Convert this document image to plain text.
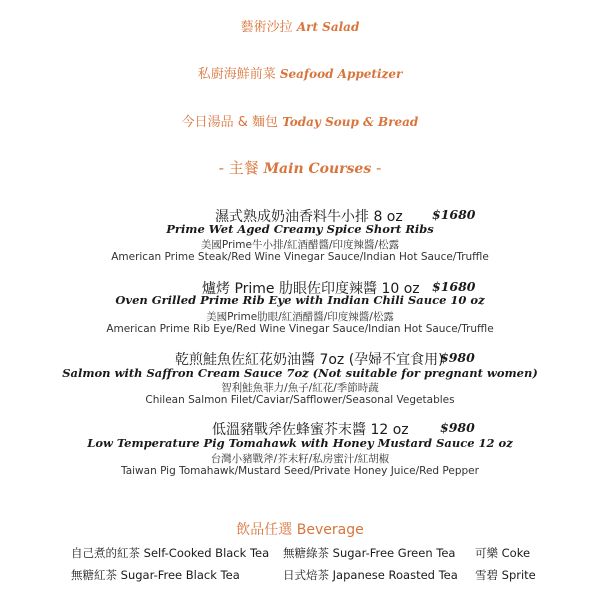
藝術沙拉 Art Salad
私廚海鮮前菜 Seafood Appetizer
今日湯品 & 麵包 Today Soup & Bread
- 主餐 Main Courses -
濕式熟成奶油香料牛小排 8 oz $1680
Prime Wet Aged Creamy Spice Short Ribs
美國Prime牛小排/紅酒醋醬/印度辣醬/松露
American Prime Steak/Red Wine Vinegar Sauce/Indian Hot Sauce/Truffle
爐烤 Prime 肋眼佐印度辣醬 10 oz $1680
Oven Grilled Prime Rib Eye with Indian Chili Sauce 10 oz
美國Prime肋眼/紅酒醋醬/印度辣醬/松露
American Prime Rib Eye/Red Wine Vinegar Sauce/Indian Hot Sauce/Truffle
乾煎鮭魚佐紅花奶油醬 7oz (孕婦不宜食用)
$980
Salmon with Saffron Cream Sauce 7oz (Not suitable for pregnant women)
智利鮭魚菲力/魚子/紅花/季節時蔬
Chilean Salmon Filet/Caviar/Safflower/Seasonal Vegetables
低溫豬戰斧佐蜂蜜芥末醬 12 oz	$980
Low Temperature Pig Tomahawk with Honey Mustard Sauce 12 oz
台灣小豬戰斧/芥末籽/私房蜜汁/紅胡椒
Taiwan Pig Tomahawk/Mustard Seed/Private Honey Juice/Red Pepper
飲品任選 Beverage
自己煮的紅茶 Self-Cooked Black Tea 無糖綠茶 Sugar-Free Green Tea 可樂 Coke
無糖紅茶 Sugar-Free Black Tea	日式焙茶 Japanese Roasted Tea 雪碧 Sprite
